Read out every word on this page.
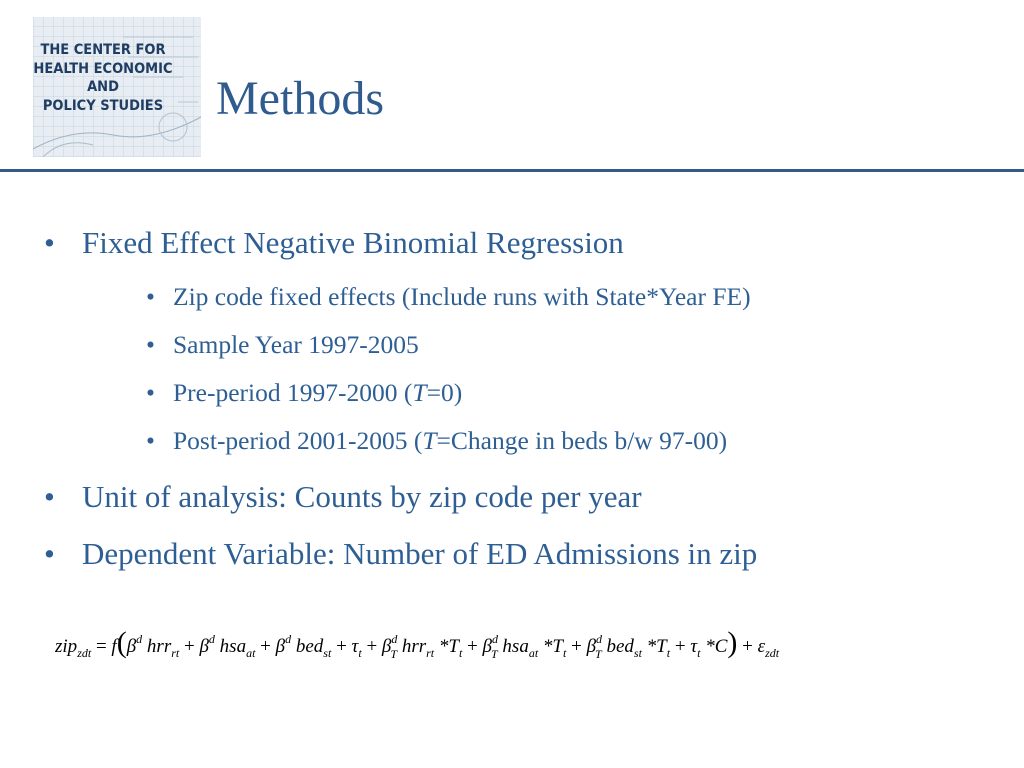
THE CENTER FOR
HEALTH ECONOMIC
AND
POLICY STUDIES Methods
• Fixed Effect Negative Binomial Regression
• Zip code fixed effects (Include runs with State*Year FE)
• Sample Year 1997-2005
• Pre-period 1997-2000 (T=0)
• Post-period 2001-2005 (T=Change in beds b/w 97-00)
• Unit of analysis: Counts by zip code per year
• Dependent Variable: Number of ED Admissions in zip
$zip_{zdt} = f(\beta^d$ $hrr_{rt} + \beta^d$ $hsa_{at} + \beta^d$ $bed_{st} + \tau_t + \beta^d$ T hrr$_{rt}$ $*T_t + \beta^d$ T hsa$_{at}$ $*T_t + \beta^d$ T bed$_{st}$ $*T_t + \tau_t$ $*C) + \varepsilon_{zdt}$
